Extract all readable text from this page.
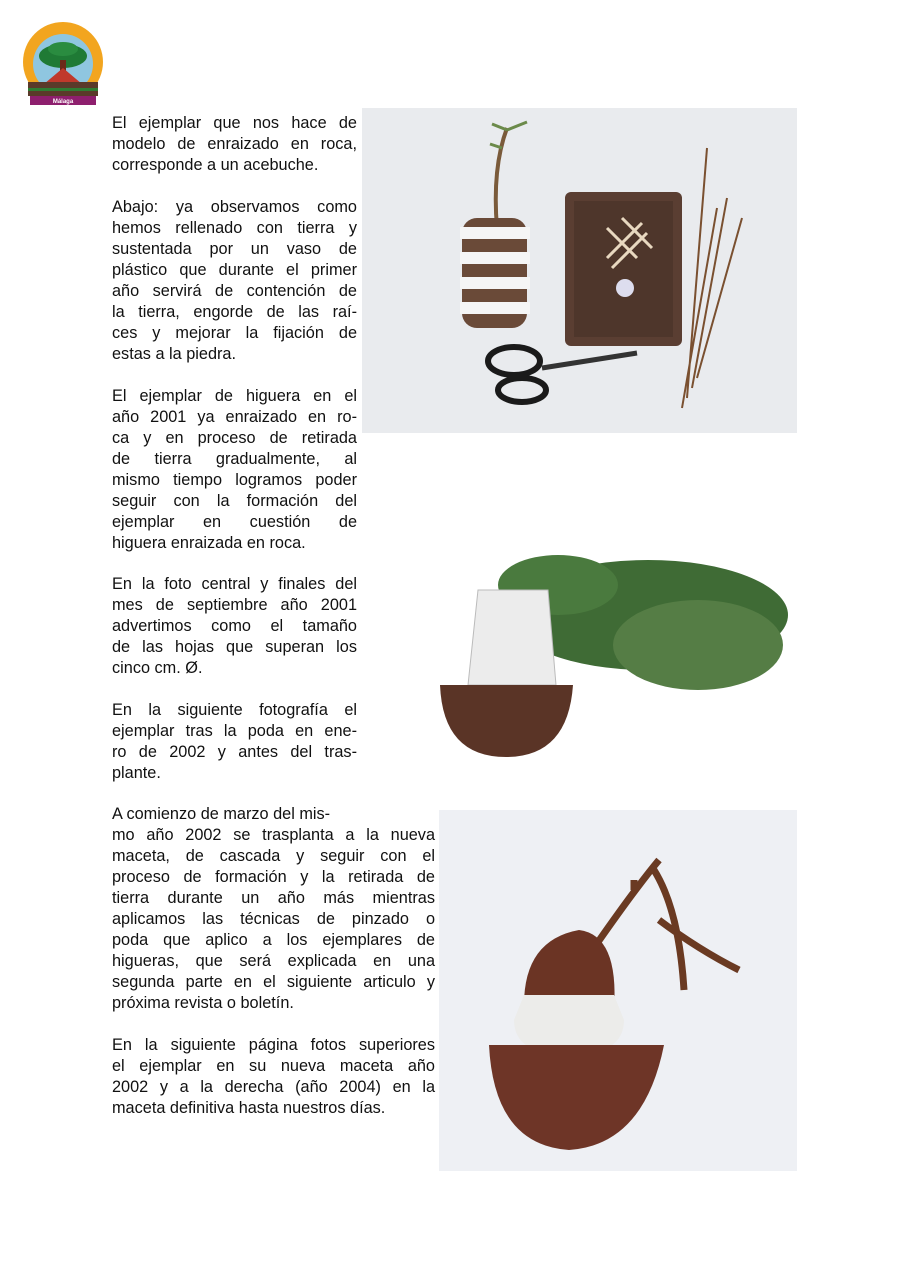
Málaga
El ejemplar que nos hace de
modelo de enraizado en roca,
corresponde a un acebuche.
Abajo: ya observamos como
hemos rellenado con tierra y
sustentada por un vaso de
plástico que durante el primer
año servirá de contención de
la tierra, engorde de las raí-
ces y mejorar la fijación de
estas a la piedra.
El ejemplar de higuera en el
año 2001 ya enraizado en ro-
ca y en proceso de retirada
de tierra gradualmente, al
mismo tiempo logramos poder
seguir con la formación del
ejemplar en cuestión de
higuera enraizada en roca.
En la foto central y finales del
mes de septiembre año 2001
advertimos como el tamaño
de las hojas que superan los
cinco cm. Ø.
En la siguiente fotografía el
ejemplar tras la poda en ene-
ro de 2002 y antes del tras-
plante.
A comienzo de marzo del mis-
mo año 2002 se trasplanta a la nueva
maceta, de cascada y seguir con el
proceso de formación y la retirada de
tierra durante un año más mientras
aplicamos las técnicas de pinzado o
poda que aplico a los ejemplares de
higueras, que será explicada en una
segunda parte en el siguiente articulo y
próxima revista o boletín.
En la siguiente página fotos superiores
el ejemplar en su nueva maceta año
2002 y a la derecha (año 2004) en la
maceta definitiva hasta nuestros días.
